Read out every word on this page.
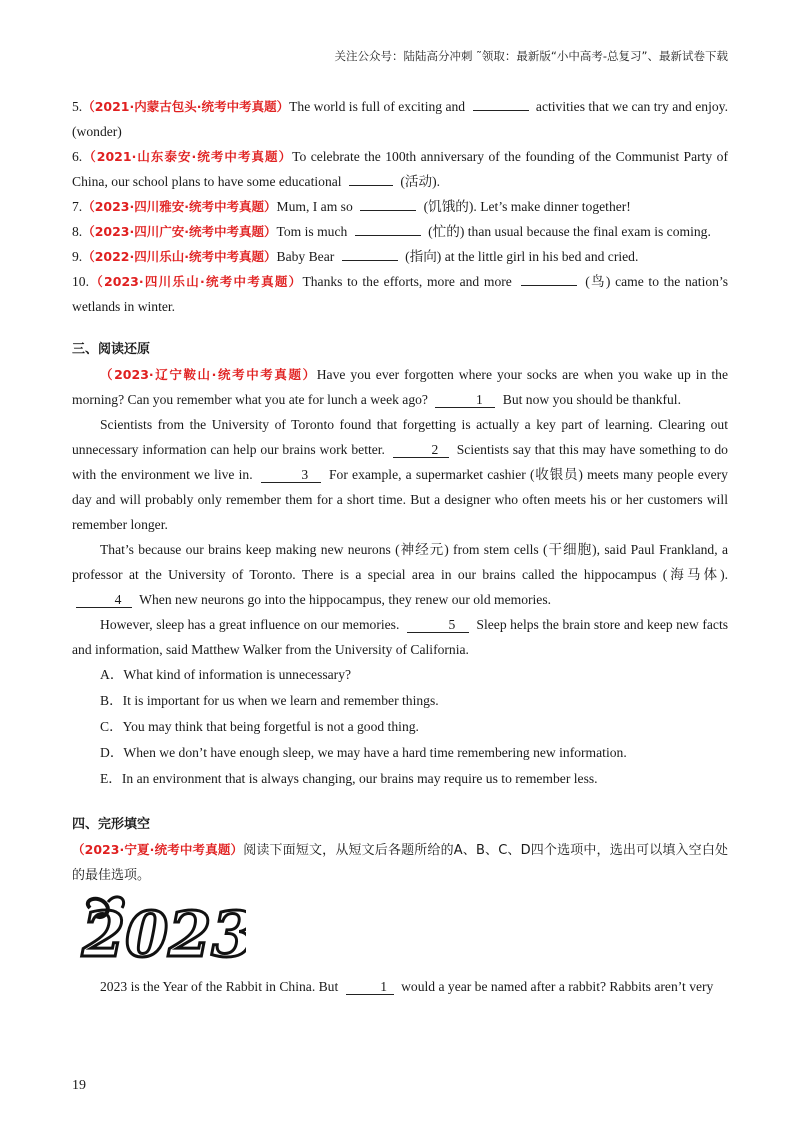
关注公众号：陆陆高分冲刺 ˜领取：最新版“小中高考-总复习”、最新试卷下载

5.（2021·内蒙古包头·统考中考真题）The world is full of exciting and	activities that we can try and enjoy. (wonder)

6.（2021·山东泰安·统考中考真题）To celebrate the 100th anniversary of the founding of the Communist Party of China, our school plans to have some educational	(活动).

7.（2023·四川雅安·统考中考真题）Mum, I am so	(饥饿的). Let’s make dinner together!

8.（2023·四川广安·统考中考真题）Tom is much	(忙的) than usual because the final exam is coming.

9.（2022·四川乐山·统考中考真题）Baby Bear	(指向) at the little girl in his bed and cried.

10.（2023·四川乐山·统考中考真题）Thanks to the efforts, more and more	(鸟) came to the nation’s wetlands in winter.

三、阅读还原

（2023·辽宁鞍山·统考中考真题）Have you ever forgotten where your socks are when you wake up in the morning? Can you remember what you ate for lunch a week ago?	1 But now you should be thankful.

Scientists from the University of Toronto found that forgetting is actually a key part of learning. Clearing out unnecessary information can help our brains work better.	2 Scientists say that this may have something to do with the environment we live in.	3 For example, a supermarket cashier (收银员) meets many people every day and will probably only remember them for a short time. But a designer who often meets his or her customers will remember longer.

That’s because our brains keep making new neurons (神经元) from stem cells (干细胞), said Paul Frankland, a professor at the University of Toronto. There is a special area in our brains called the hippocampus (海马体). 4 When new neurons go into the hippocampus, they renew our old memories.

However, sleep has a great influence on our memories.	5 Sleep helps the brain store and keep new facts and information, said Matthew Walker from the University of California.

A．What kind of information is unnecessary?

B．It is important for us when we learn and remember things.

C．You may think that being forgetful is not a good thing.

D．When we don’t have enough sleep, we may have a hard time remembering new information.

E．In an environment that is always changing, our brains may require us to remember less.

四、完形填空

（2023·宁夏·统考中考真题）阅读下面短文，从短文后各题所给的A、B、C、D四个选项中，选出可以填入空白处的最佳选项。

2023

2023 is the Year of the Rabbit in China. But	1 would a year be named after a rabbit? Rabbits aren’t very

19
